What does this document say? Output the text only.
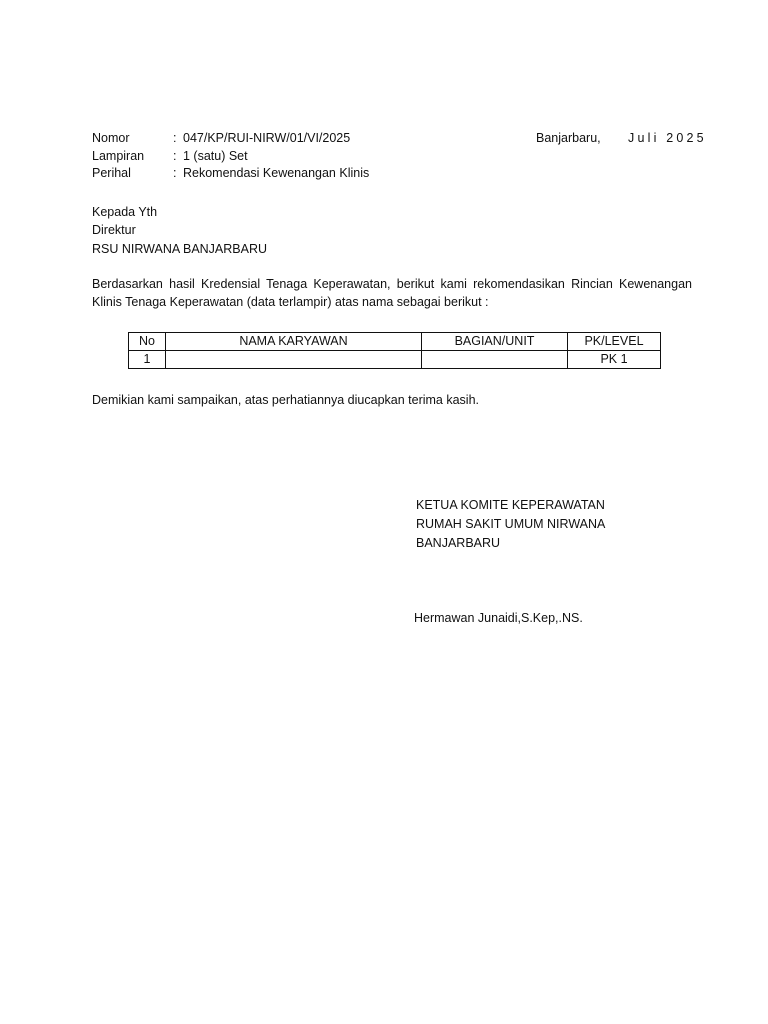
Nomor	: 047/KP/RUI-NIRW/01/VI/2025
Lampiran : 1 (satu) Set
Perihal	: Rekomendasi Kewenangan Klinis
Banjarbaru, Juli 2025
Kepada Yth
Direktur
RSU NIRWANA BANJARBARU
Berdasarkan hasil Kredensial Tenaga Keperawatan, berikut kami rekomendasikan Rincian Kewenangan Klinis Tenaga Keperawatan (data terlampir) atas nama sebagai berikut :
No	NAMA KARYAWAN	BAGIAN/UNIT	PK/LEVEL
1			PK 1
Demikian kami sampaikan, atas perhatiannya diucapkan terima kasih.
KETUA KOMITE KEPERAWATAN
RUMAH SAKIT UMUM NIRWANA
BANJARBARU
Hermawan Junaidi,S.Kep,.NS.
